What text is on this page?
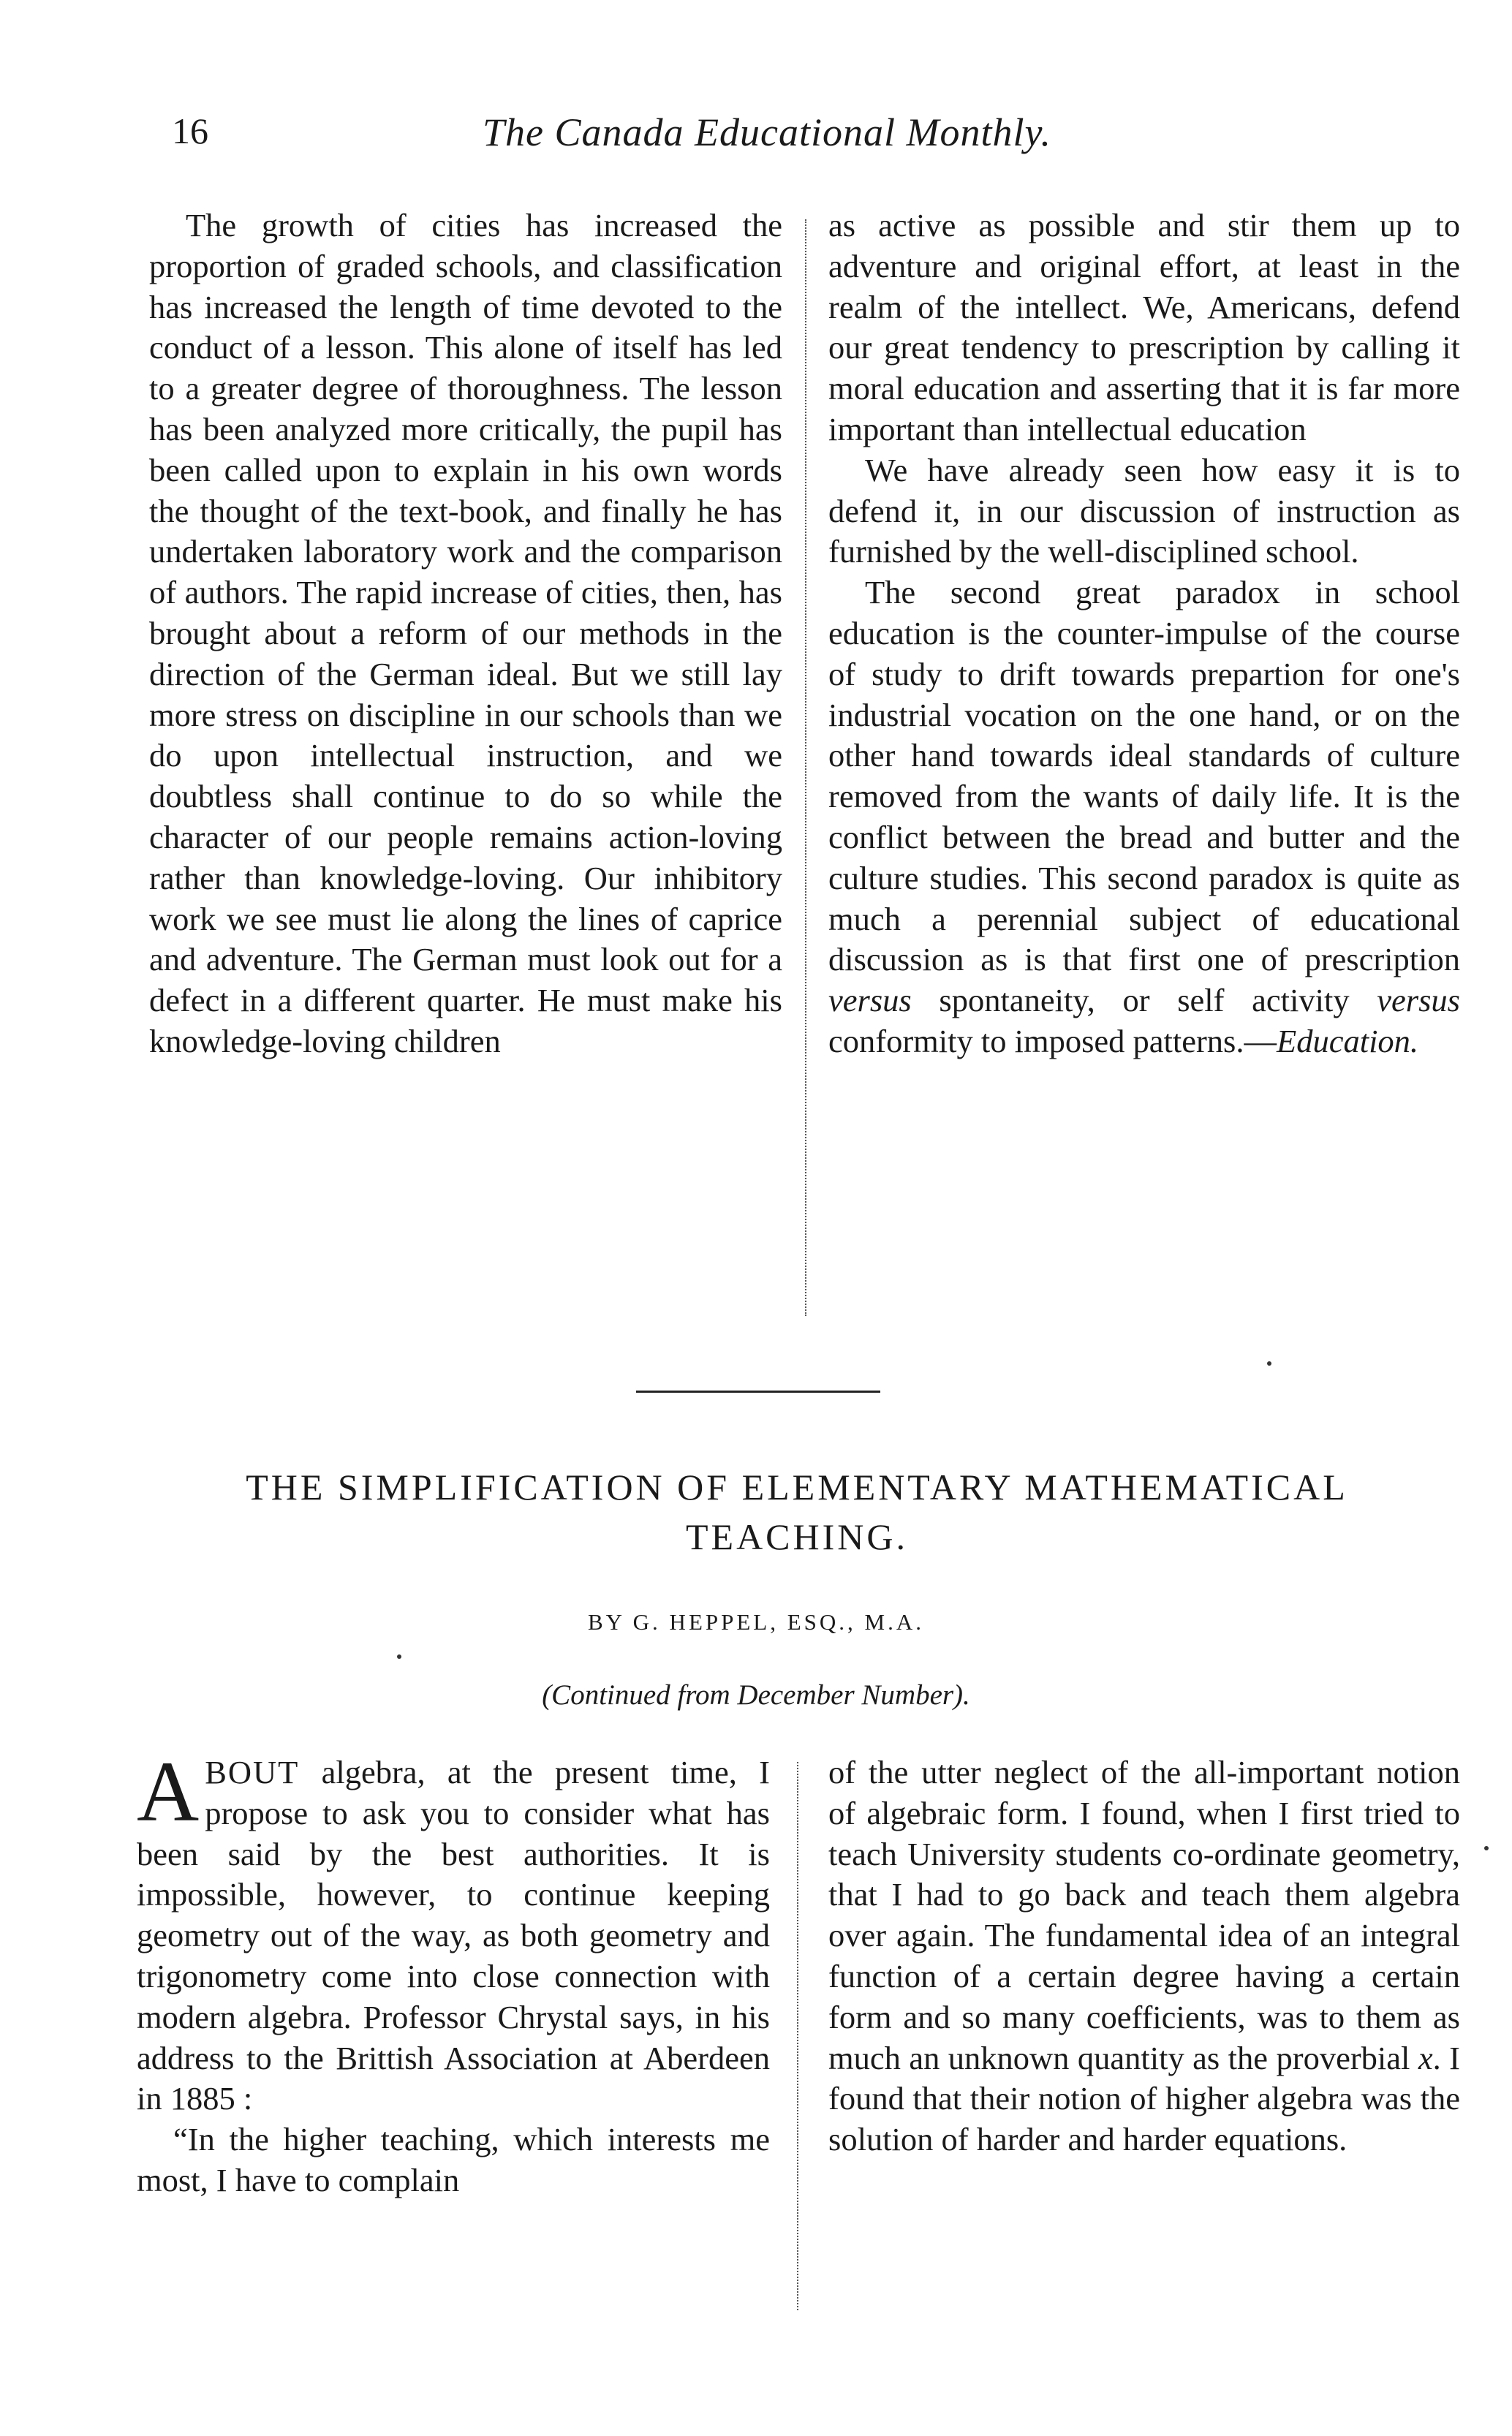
16	The Canada Educational Monthly.

The growth of cities has increased the proportion of graded schools, and classification has increased the length of time devoted to the conduct of a lesson. This alone of itself has led to a greater degree of thoroughness. The lesson has been analyzed more critically, the pupil has been called upon to explain in his own words the thought of the text-book, and finally he has undertaken laboratory work and the comparison of authors. The rapid increase of cities, then, has brought about a reform of our methods in the direction of the German ideal. But we still lay more stress on discipline in our schools than we do upon intellectual instruction, and we doubtless shall continue to do so while the character of our people remains action-loving rather than knowledge-loving. Our inhibitory work we see must lie along the lines of caprice and adventure. The German must look out for a defect in a different quarter. He must make his knowledge-loving children

as active as possible and stir them up to adventure and original effort, at least in the realm of the intellect. We, Americans, defend our great tendency to prescription by calling it moral education and asserting that it is far more important than intellectual education

We have already seen how easy it is to defend it, in our discussion of instruction as furnished by the well-disciplined school.

The second great paradox in school education is the counter-impulse of the course of study to drift towards prepartion for one's industrial vocation on the one hand, or on the other hand towards ideal standards of culture removed from the wants of daily life. It is the conflict between the bread and butter and the culture studies. This second paradox is quite as much a perennial subject of educational discussion as is that first one of prescription versus spontaneity, or self activity versus conformity to imposed patterns.—Education.

THE SIMPLIFICATION OF ELEMENTARY MATHEMATICAL TEACHING.
BY G. HEPPEL, ESQ., M.A.
(Continued from December Number).

ABOUT algebra, at the present time, I propose to ask you to consider what has been said by the best authorities. It is impossible, however, to continue keeping geometry out of the way, as both geometry and trigonometry come into close connection with modern algebra. Professor Chrystal says, in his address to the Brittish Association at Aberdeen in 1885 :

“In the higher teaching, which interests me most, I have to complain

of the utter neglect of the all-important notion of algebraic form. I found, when I first tried to teach University students co-ordinate geometry, that I had to go back and teach them algebra over again. The fundamental idea of an integral function of a certain degree having a certain form and so many coefficients, was to them as much an unknown quantity as the proverbial x. I found that their notion of higher algebra was the solution of harder and harder equations.
